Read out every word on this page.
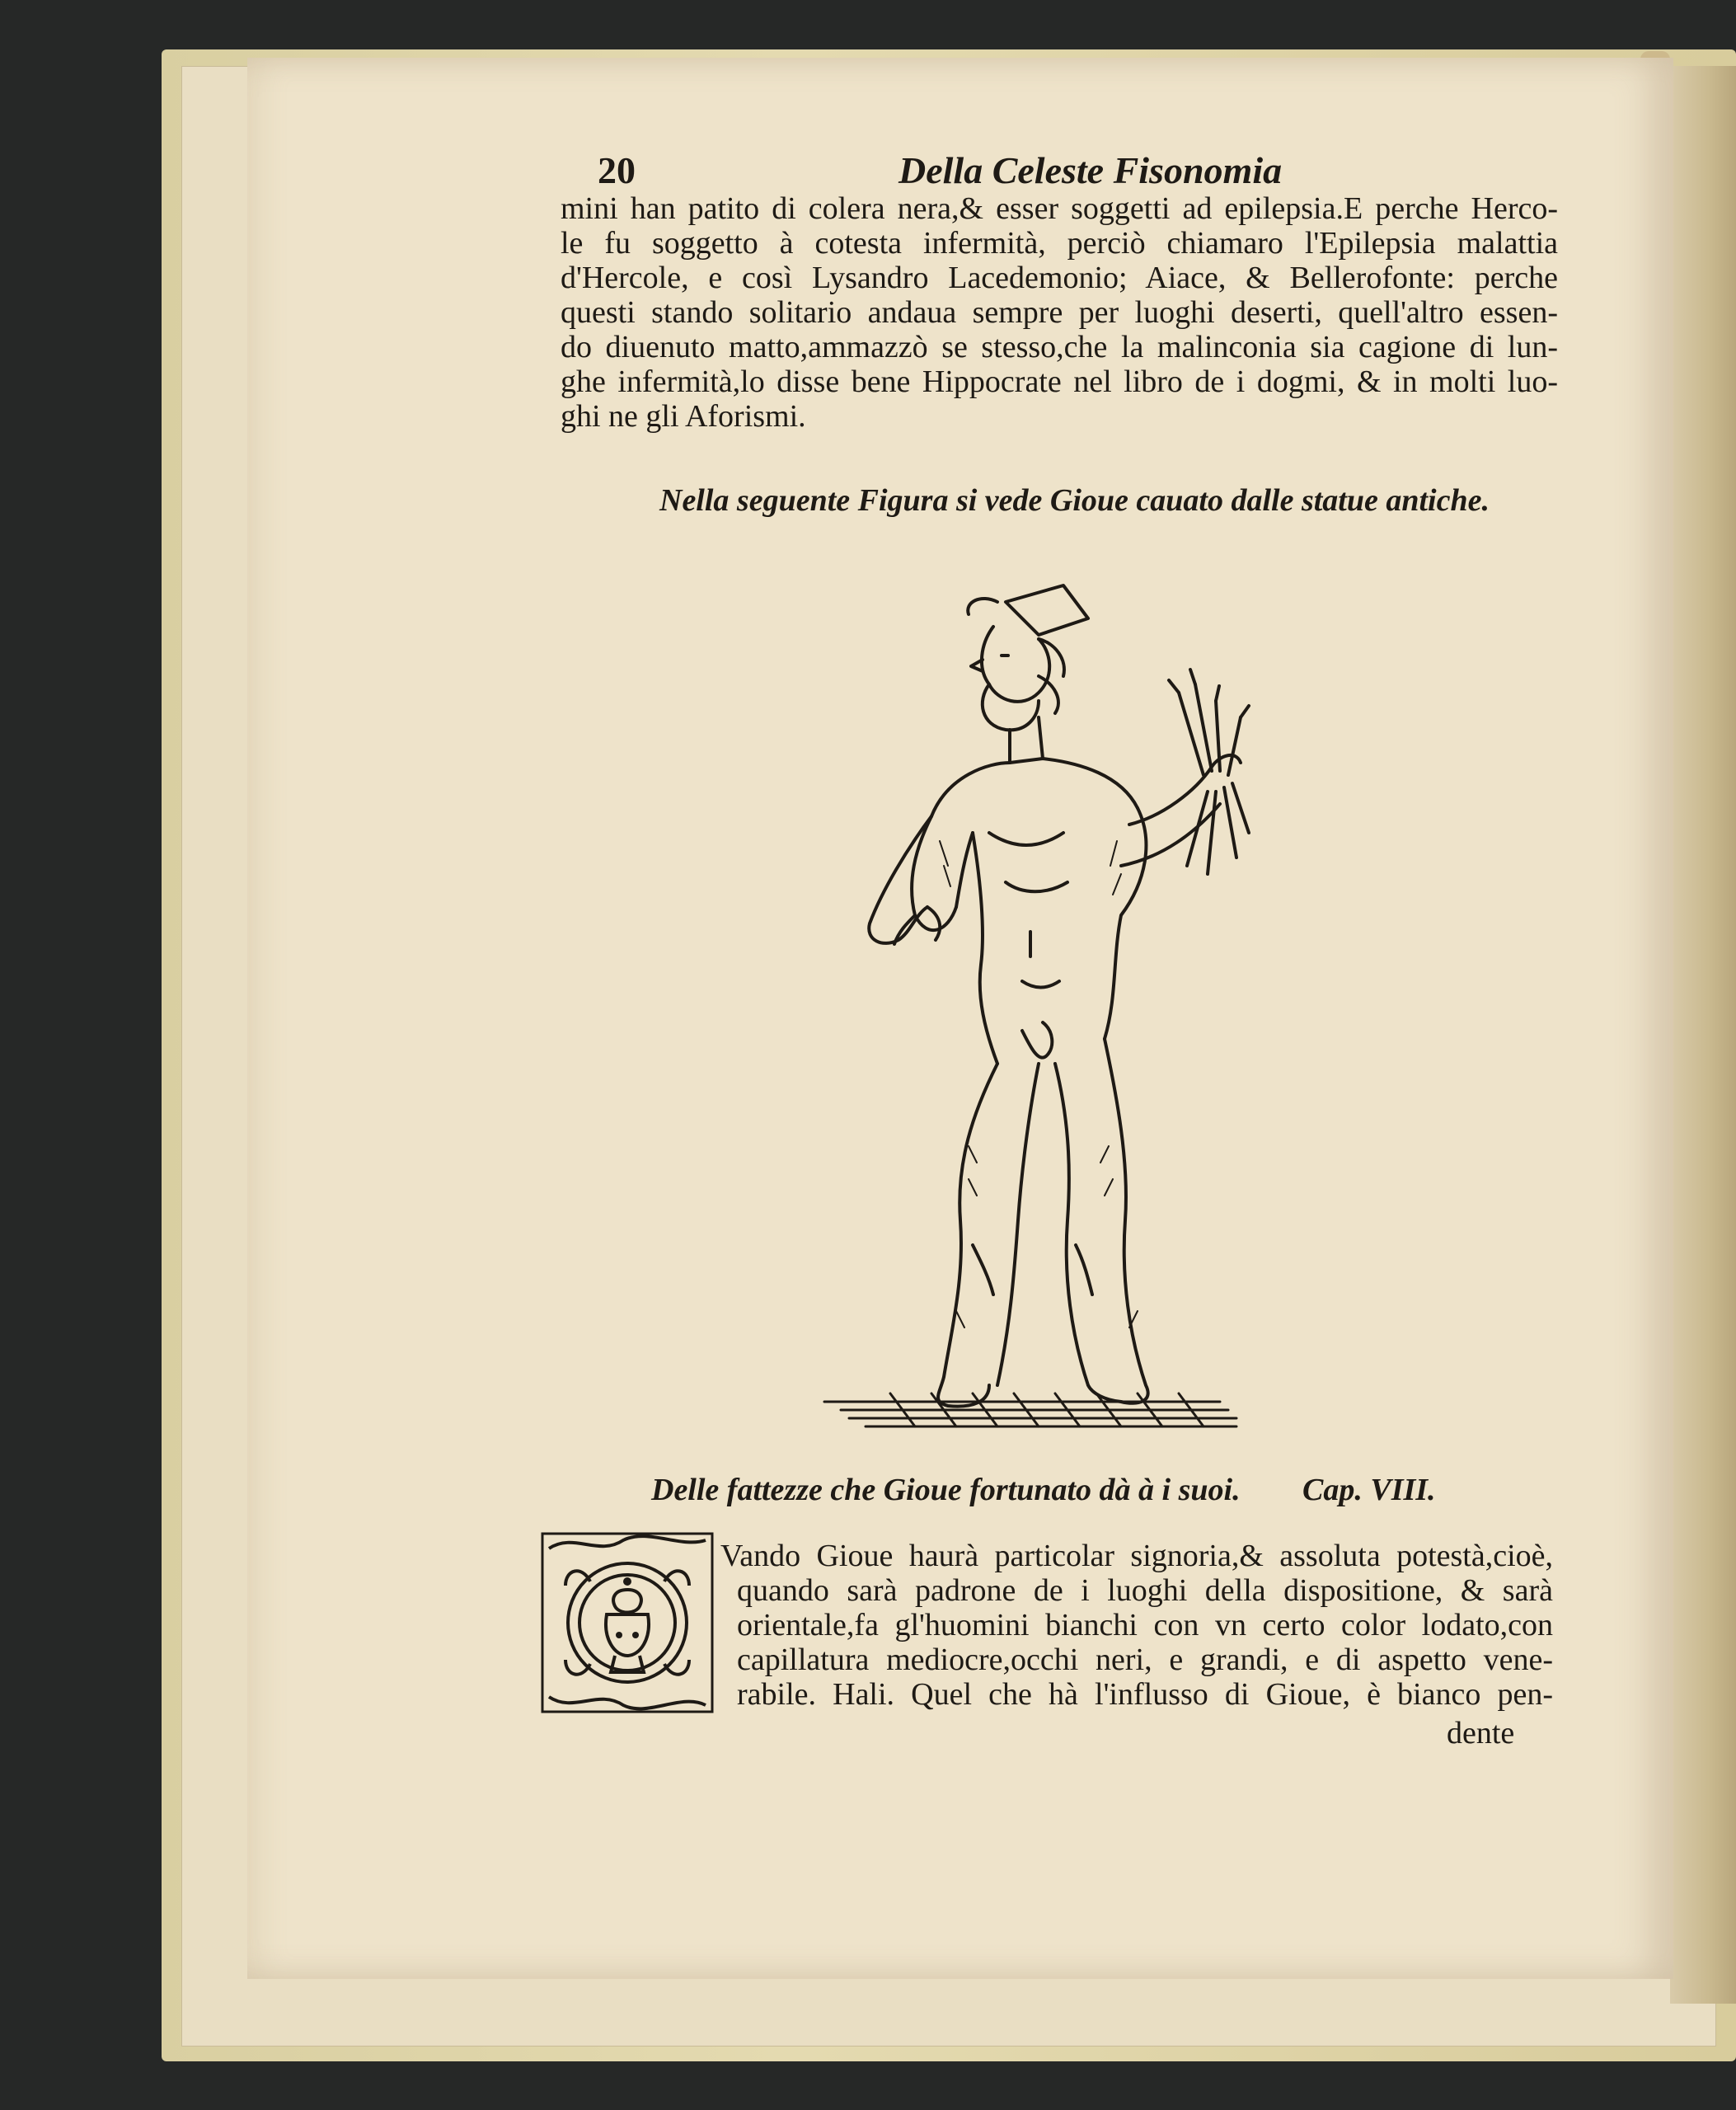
20	Della Celeste Fisonomia
mini han patito di colera nera,& esser soggetti ad epilepsia.E perche Herco-
le fu soggetto à cotesta infermità, perciò chiamaro l'Epilepsia malattia
d'Hercole, e così Lysandro Lacedemonio; Aiace, & Bellerofonte: perche
questi stando solitario andaua sempre per luoghi deserti, quell'altro essen-
do diuenuto matto,ammazzò se stesso,che la malinconia sia cagione di lun-
ghe infermità,lo disse bene Hippocrate nel libro de i dogmi, & in molti luo-
ghi ne gli Aforismi.
Nella seguente Figura si vede Gioue cauato dalle statue antiche.
Delle fattezze che Gioue fortunato dà à i suoi. Cap. VIII.
Vando Gioue haurà particolar signoria,& assoluta potestà,cioè,
quando sarà padrone de i luoghi della dispositione, & sarà
orientale,fa gl'huomini bianchi con vn certo color lodato,con
capillatura mediocre,occhi neri, e grandi, e di aspetto vene-
rabile. Hali. Quel che hà l'influsso di Gioue, è bianco pen-
dente
